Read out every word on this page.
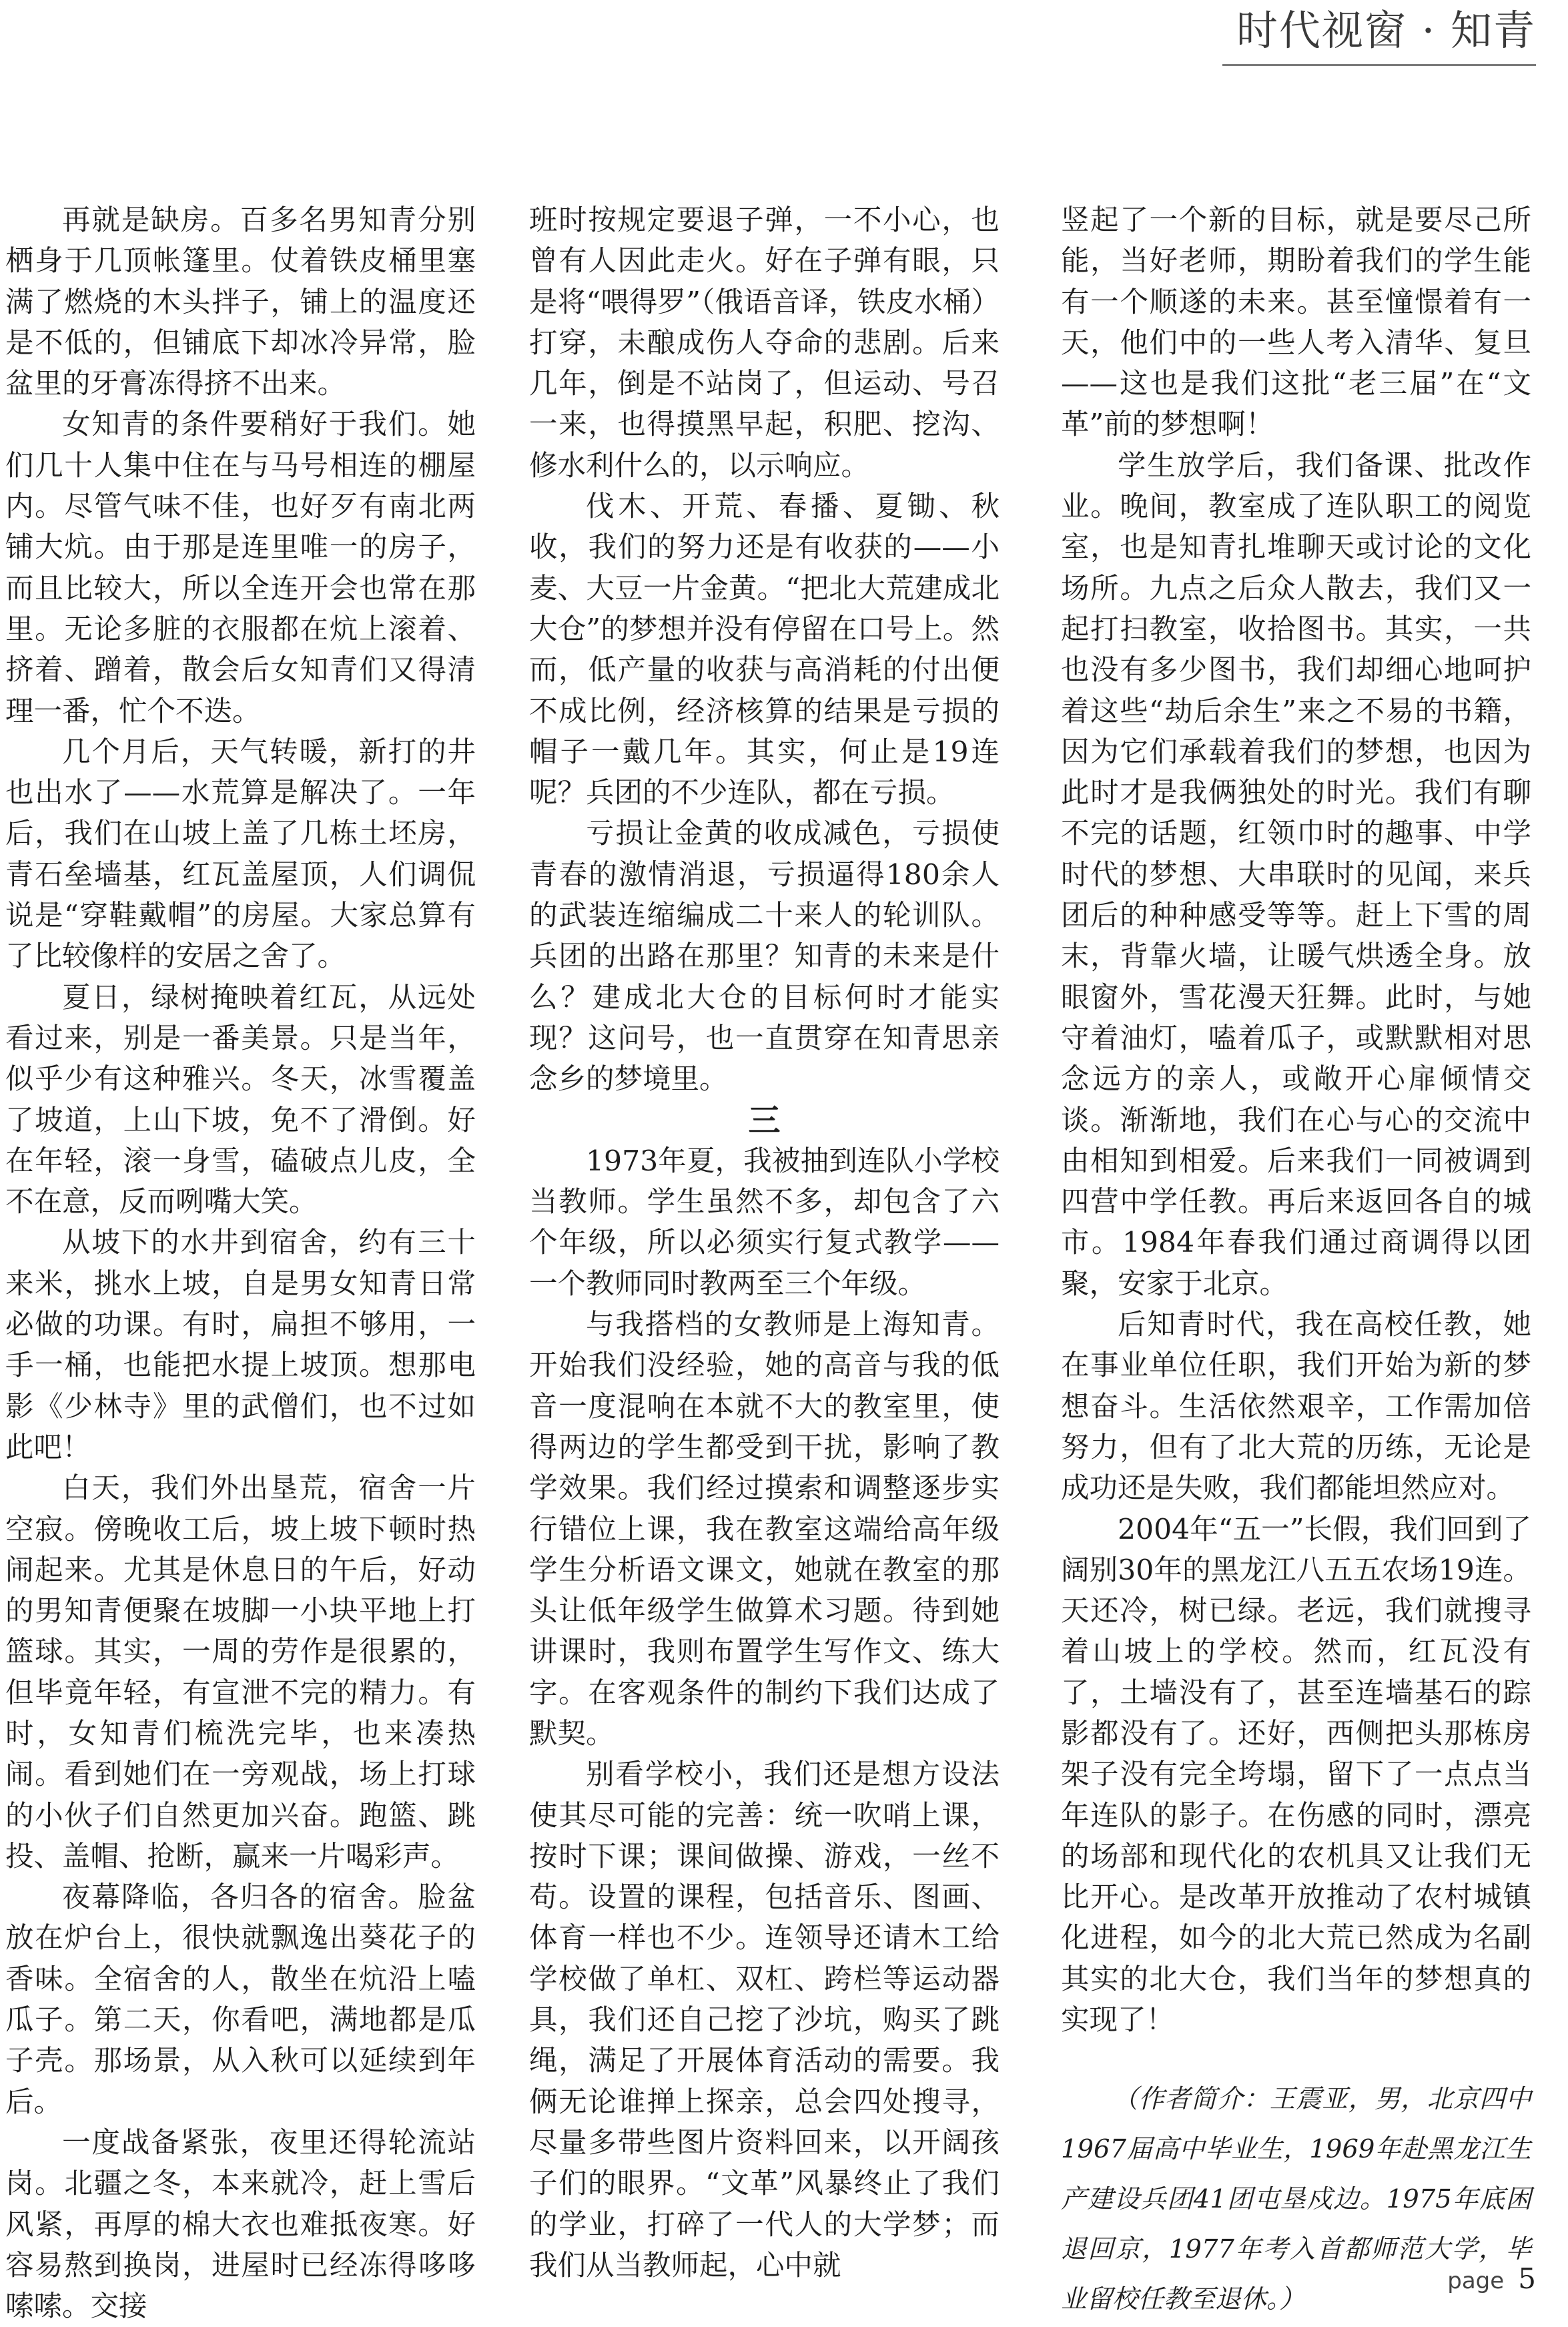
时代视窗 · 知青

再就是缺房。百多名男知青分别栖身于几顶帐篷里。仗着铁皮桶里塞满了燃烧的木头拌子，铺上的温度还是不低的，但铺底下却冰冷异常，脸盆里的牙膏冻得挤不出来。

女知青的条件要稍好于我们。她们几十人集中住在与马号相连的棚屋内。尽管气味不佳，也好歹有南北两铺大炕。由于那是连里唯一的房子，而且比较大，所以全连开会也常在那里。无论多脏的衣服都在炕上滚着、挤着、蹭着，散会后女知青们又得清理一番，忙个不迭。

几个月后，天气转暖，新打的井也出水了——水荒算是解决了。一年后，我们在山坡上盖了几栋土坯房，青石垒墙基，红瓦盖屋顶，人们调侃说是“穿鞋戴帽”的房屋。大家总算有了比较像样的安居之舍了。

夏日，绿树掩映着红瓦，从远处看过来，别是一番美景。只是当年，似乎少有这种雅兴。冬天，冰雪覆盖了坡道，上山下坡，免不了滑倒。好在年轻，滚一身雪，磕破点儿皮，全不在意，反而咧嘴大笑。

从坡下的水井到宿舍，约有三十来米，挑水上坡，自是男女知青日常必做的功课。有时，扁担不够用，一手一桶，也能把水提上坡顶。想那电影《少林寺》里的武僧们，也不过如此吧！

白天，我们外出垦荒，宿舍一片空寂。傍晚收工后，坡上坡下顿时热闹起来。尤其是休息日的午后，好动的男知青便聚在坡脚一小块平地上打篮球。其实，一周的劳作是很累的，但毕竟年轻，有宣泄不完的精力。有时，女知青们梳洗完毕，也来凑热闹。看到她们在一旁观战，场上打球的小伙子们自然更加兴奋。跑篮、跳投、盖帽、抢断，赢来一片喝彩声。

夜幕降临，各归各的宿舍。脸盆放在炉台上，很快就飘逸出葵花子的香味。全宿舍的人，散坐在炕沿上嗑瓜子。第二天，你看吧，满地都是瓜子壳。那场景，从入秋可以延续到年后。

一度战备紧张，夜里还得轮流站岗。北疆之冬，本来就冷，赶上雪后风紧，再厚的棉大衣也难抵夜寒。好容易熬到换岗，进屋时已经冻得哆哆嗦嗦。交接

班时按规定要退子弹，一不小心，也曾有人因此走火。好在子弹有眼，只是将“喂得罗”（俄语音译，铁皮水桶）打穿，未酿成伤人夺命的悲剧。后来几年，倒是不站岗了，但运动、号召一来，也得摸黑早起，积肥、挖沟、修水利什么的，以示响应。

伐木、开荒、春播、夏锄、秋收，我们的努力还是有收获的——小麦、大豆一片金黄。“把北大荒建成北大仓”的梦想并没有停留在口号上。然而，低产量的收获与高消耗的付出便不成比例，经济核算的结果是亏损的帽子一戴几年。其实，何止是19连呢？兵团的不少连队，都在亏损。

亏损让金黄的收成减色，亏损使青春的激情消退，亏损逼得180余人的武装连缩编成二十来人的轮训队。兵团的出路在那里？知青的未来是什么？建成北大仓的目标何时才能实现？这问号，也一直贯穿在知青思亲念乡的梦境里。

三

1973年夏，我被抽到连队小学校当教师。学生虽然不多，却包含了六个年级，所以必须实行复式教学——一个教师同时教两至三个年级。

与我搭档的女教师是上海知青。开始我们没经验，她的高音与我的低音一度混响在本就不大的教室里，使得两边的学生都受到干扰，影响了教学效果。我们经过摸索和调整逐步实行错位上课，我在教室这端给高年级学生分析语文课文，她就在教室的那头让低年级学生做算术习题。待到她讲课时，我则布置学生写作文、练大字。在客观条件的制约下我们达成了默契。

别看学校小，我们还是想方设法使其尽可能的完善：统一吹哨上课，按时下课；课间做操、游戏，一丝不苟。设置的课程，包括音乐、图画、体育一样也不少。连领导还请木工给学校做了单杠、双杠、跨栏等运动器具，我们还自己挖了沙坑，购买了跳绳，满足了开展体育活动的需要。我俩无论谁掸上探亲，总会四处搜寻，尽量多带些图片资料回来，以开阔孩子们的眼界。“文革”风暴终止了我们的学业，打碎了一代人的大学梦；而我们从当教师起，心中就

竖起了一个新的目标，就是要尽己所能，当好老师，期盼着我们的学生能有一个顺遂的未来。甚至憧憬着有一天，他们中的一些人考入清华、复旦——这也是我们这批“老三届”在“文革”前的梦想啊！

学生放学后，我们备课、批改作业。晚间，教室成了连队职工的阅览室，也是知青扎堆聊天或讨论的文化场所。九点之后众人散去，我们又一起打扫教室，收拾图书。其实，一共也没有多少图书，我们却细心地呵护着这些“劫后余生”来之不易的书籍，因为它们承载着我们的梦想，也因为此时才是我俩独处的时光。我们有聊不完的话题，红领巾时的趣事、中学时代的梦想、大串联时的见闻，来兵团后的种种感受等等。赶上下雪的周末，背靠火墙，让暖气烘透全身。放眼窗外，雪花漫天狂舞。此时，与她守着油灯，嗑着瓜子，或默默相对思念远方的亲人，或敞开心扉倾情交谈。渐渐地，我们在心与心的交流中由相知到相爱。后来我们一同被调到四营中学任教。再后来返回各自的城市。1984年春我们通过商调得以团聚，安家于北京。

后知青时代，我在高校任教，她在事业单位任职，我们开始为新的梦想奋斗。生活依然艰辛，工作需加倍努力，但有了北大荒的历练，无论是成功还是失败，我们都能坦然应对。

2004年“五一”长假，我们回到了阔别30年的黑龙江八五五农场19连。天还冷，树已绿。老远，我们就搜寻着山坡上的学校。然而，红瓦没有了，土墙没有了，甚至连墙基石的踪影都没有了。还好，西侧把头那栋房架子没有完全垮塌，留下了一点点当年连队的影子。在伤感的同时，漂亮的场部和现代化的农机具又让我们无比开心。是改革开放推动了农村城镇化进程，如今的北大荒已然成为名副其实的北大仓，我们当年的梦想真的实现了！

（作者简介：王震亚，男，北京四中1967届高中毕业生，1969年赴黑龙江生产建设兵团41团屯垦戍边。1975年底困退回京，1977年考入首都师范大学，毕业留校任教至退休。）
page 5
